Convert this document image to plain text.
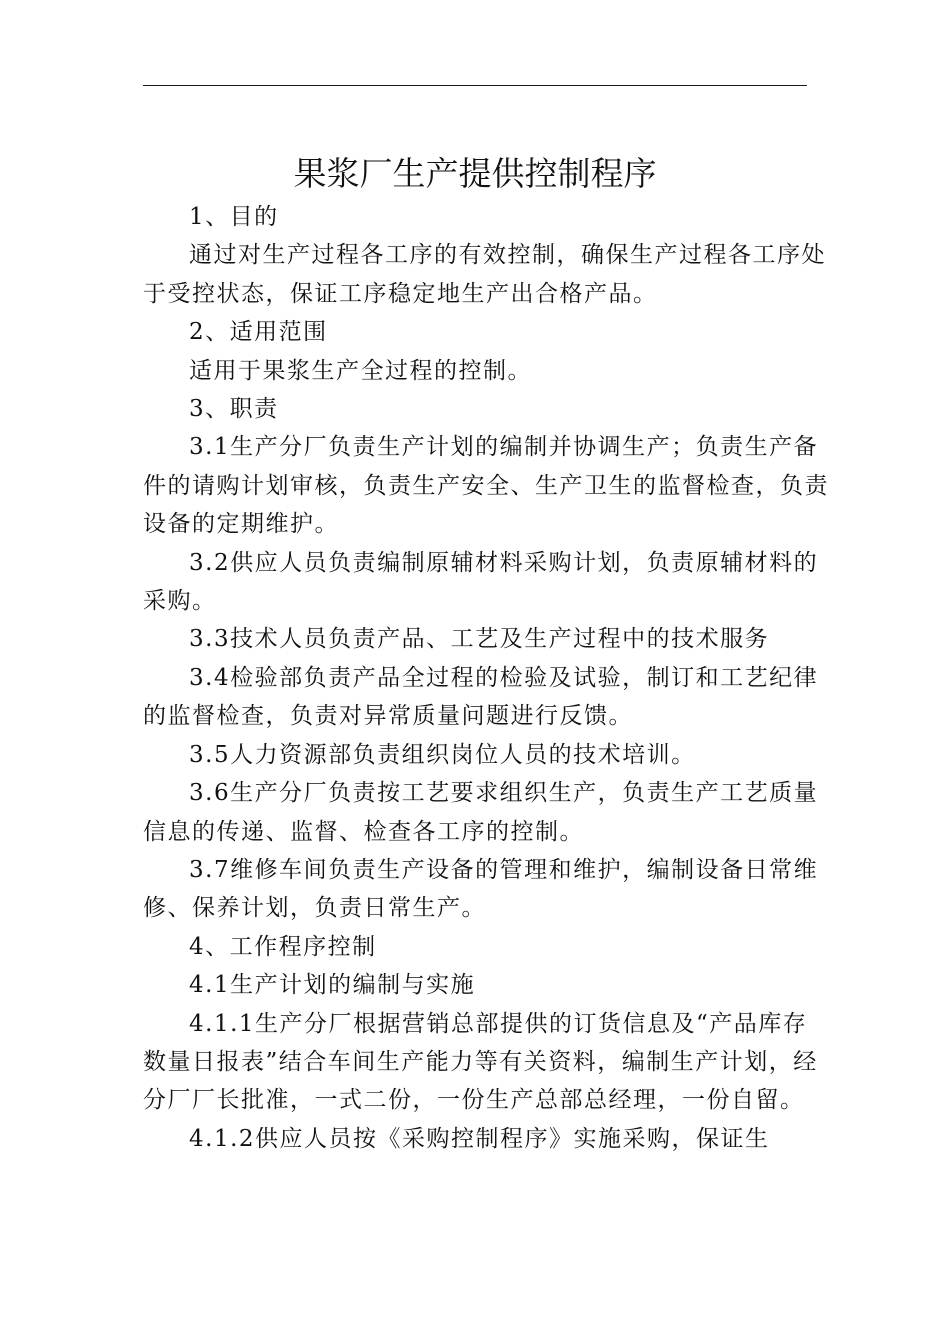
果浆厂生产提供控制程序

1、目的

通过对生产过程各工序的有效控制，确保生产过程各工序处于受控状态，保证工序稳定地生产出合格产品。

2、适用范围

适用于果浆生产全过程的控制。

3、职责

3.1生产分厂负责生产计划的编制并协调生产；负责生产备件的请购计划审核，负责生产安全、生产卫生的监督检查，负责设备的定期维护。

3.2供应人员负责编制原辅材料采购计划，负责原辅材料的采购。

3.3技术人员负责产品、工艺及生产过程中的技术服务

3.4检验部负责产品全过程的检验及试验，制订和工艺纪律的监督检查，负责对异常质量问题进行反馈。

3.5人力资源部负责组织岗位人员的技术培训。

3.6生产分厂负责按工艺要求组织生产，负责生产工艺质量信息的传递、监督、检查各工序的控制。

3.7维修车间负责生产设备的管理和维护，编制设备日常维修、保养计划，负责日常生产。

4、工作程序控制

4.1生产计划的编制与实施

4.1.1生产分厂根据营销总部提供的订货信息及“产品库存数量日报表”结合车间生产能力等有关资料，编制生产计划，经分厂厂长批准，一式二份，一份生产总部总经理，一份自留。

4.1.2供应人员按《采购控制程序》实施采购，保证生
